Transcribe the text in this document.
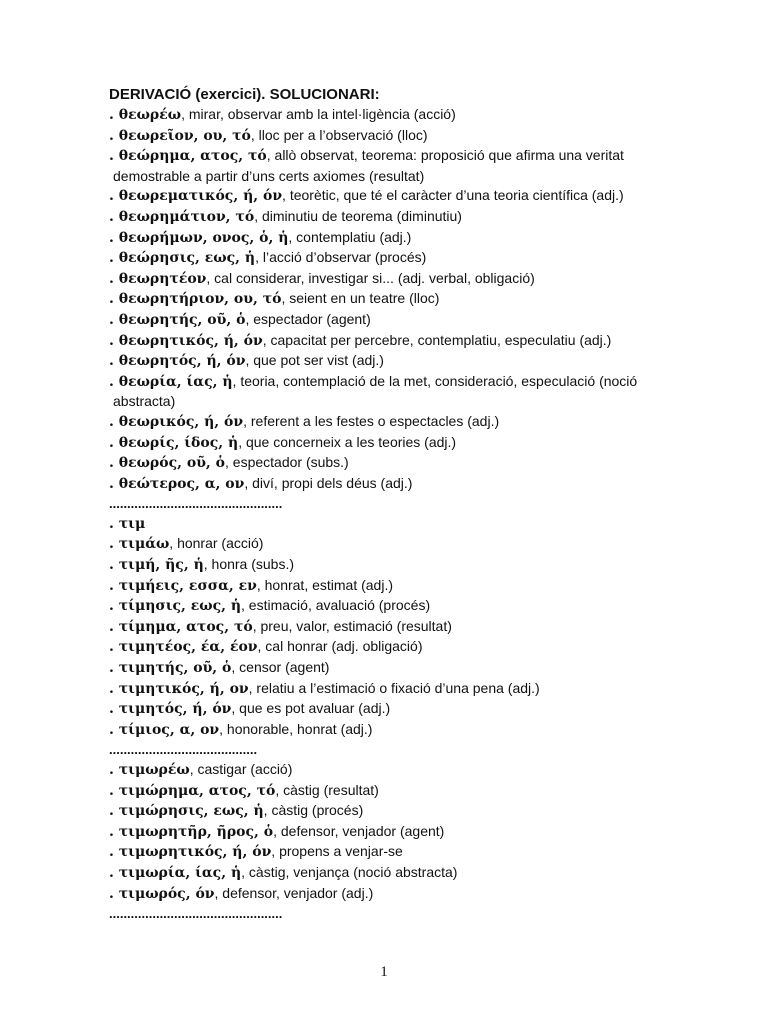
DERIVACIÓ (exercici). SOLUCIONARI:

. θεωρέω, mirar, observar amb la intel·ligència (acció)

. θεωρεῖον, ου, τό, lloc per a l’observació (lloc)

. θεώρημα, ατος, τό, allò observat, teorema: proposició que afirma una veritat

demostrable a partir d’uns certs axiomes (resultat)

. θεωρεματικός, ή, όν, teorètic, que té el caràcter d’una teoria científica (adj.)

. θεωρημάτιον, τό, diminutiu de teorema (diminutiu)

. θεωρήμων, ονος, ὁ, ἡ, contemplatiu (adj.)

. θεώρησις, εως, ἡ, l’acció d’observar (procés)

. θεωρητέον, cal considerar, investigar si... (adj. verbal, obligació)

. θεωρητήριον, ου, τό, seient en un teatre (lloc)

. θεωρητής, οῦ, ὁ, espectador (agent)

. θεωρητικός, ή, όν, capacitat per percebre, contemplatiu, especulatiu (adj.)

. θεωρητός, ή, όν, que pot ser vist (adj.)

. θεωρία, ίας, ἡ, teoria, contemplació de la met, consideració, especulació (noció

abstracta)

. θεωρικός, ή, όν, referent a les festes o espectacles (adj.)

. θεωρίς, ίδος, ἡ, que concerneix a les teories (adj.)

. θεωρός, οῦ, ὁ, espectador (subs.)

. θεώτερος, α, ον, diví, propi dels déus (adj.)

................................................

. τιμ

. τιμάω, honrar (acció)

. τιμή, ῆς, ἡ, honra (subs.)

. τιμήεις, εσσα, εν, honrat, estimat (adj.)

. τίμησις, εως, ἡ, estimació, avaluació (procés)

. τίμημα, ατος, τό, preu, valor, estimació (resultat)

. τιμητέος, έα, έον, cal honrar (adj. obligació)

. τιμητής, οῦ, ὁ, censor (agent)

. τιμητικός, ή, ον, relatiu a l’estimació o fixació d’una pena (adj.)

. τιμητός, ή, όν, que es pot avaluar (adj.)

. τίμιος, α, ον, honorable, honrat (adj.)

.........................................

. τιμωρέω, castigar (acció)

. τιμώρημα, ατος, τό, càstig (resultat)

. τιμώρησις, εως, ἡ, càstig (procés)

. τιμωρητῆρ, ῆρος, ὁ, defensor, venjador (agent)

. τιμωρητικός, ή, όν, propens a venjar-se

. τιμωρία, ίας, ἡ, càstig, venjança (noció abstracta)

. τιμωρός, όν, defensor, venjador (adj.)

................................................

1
